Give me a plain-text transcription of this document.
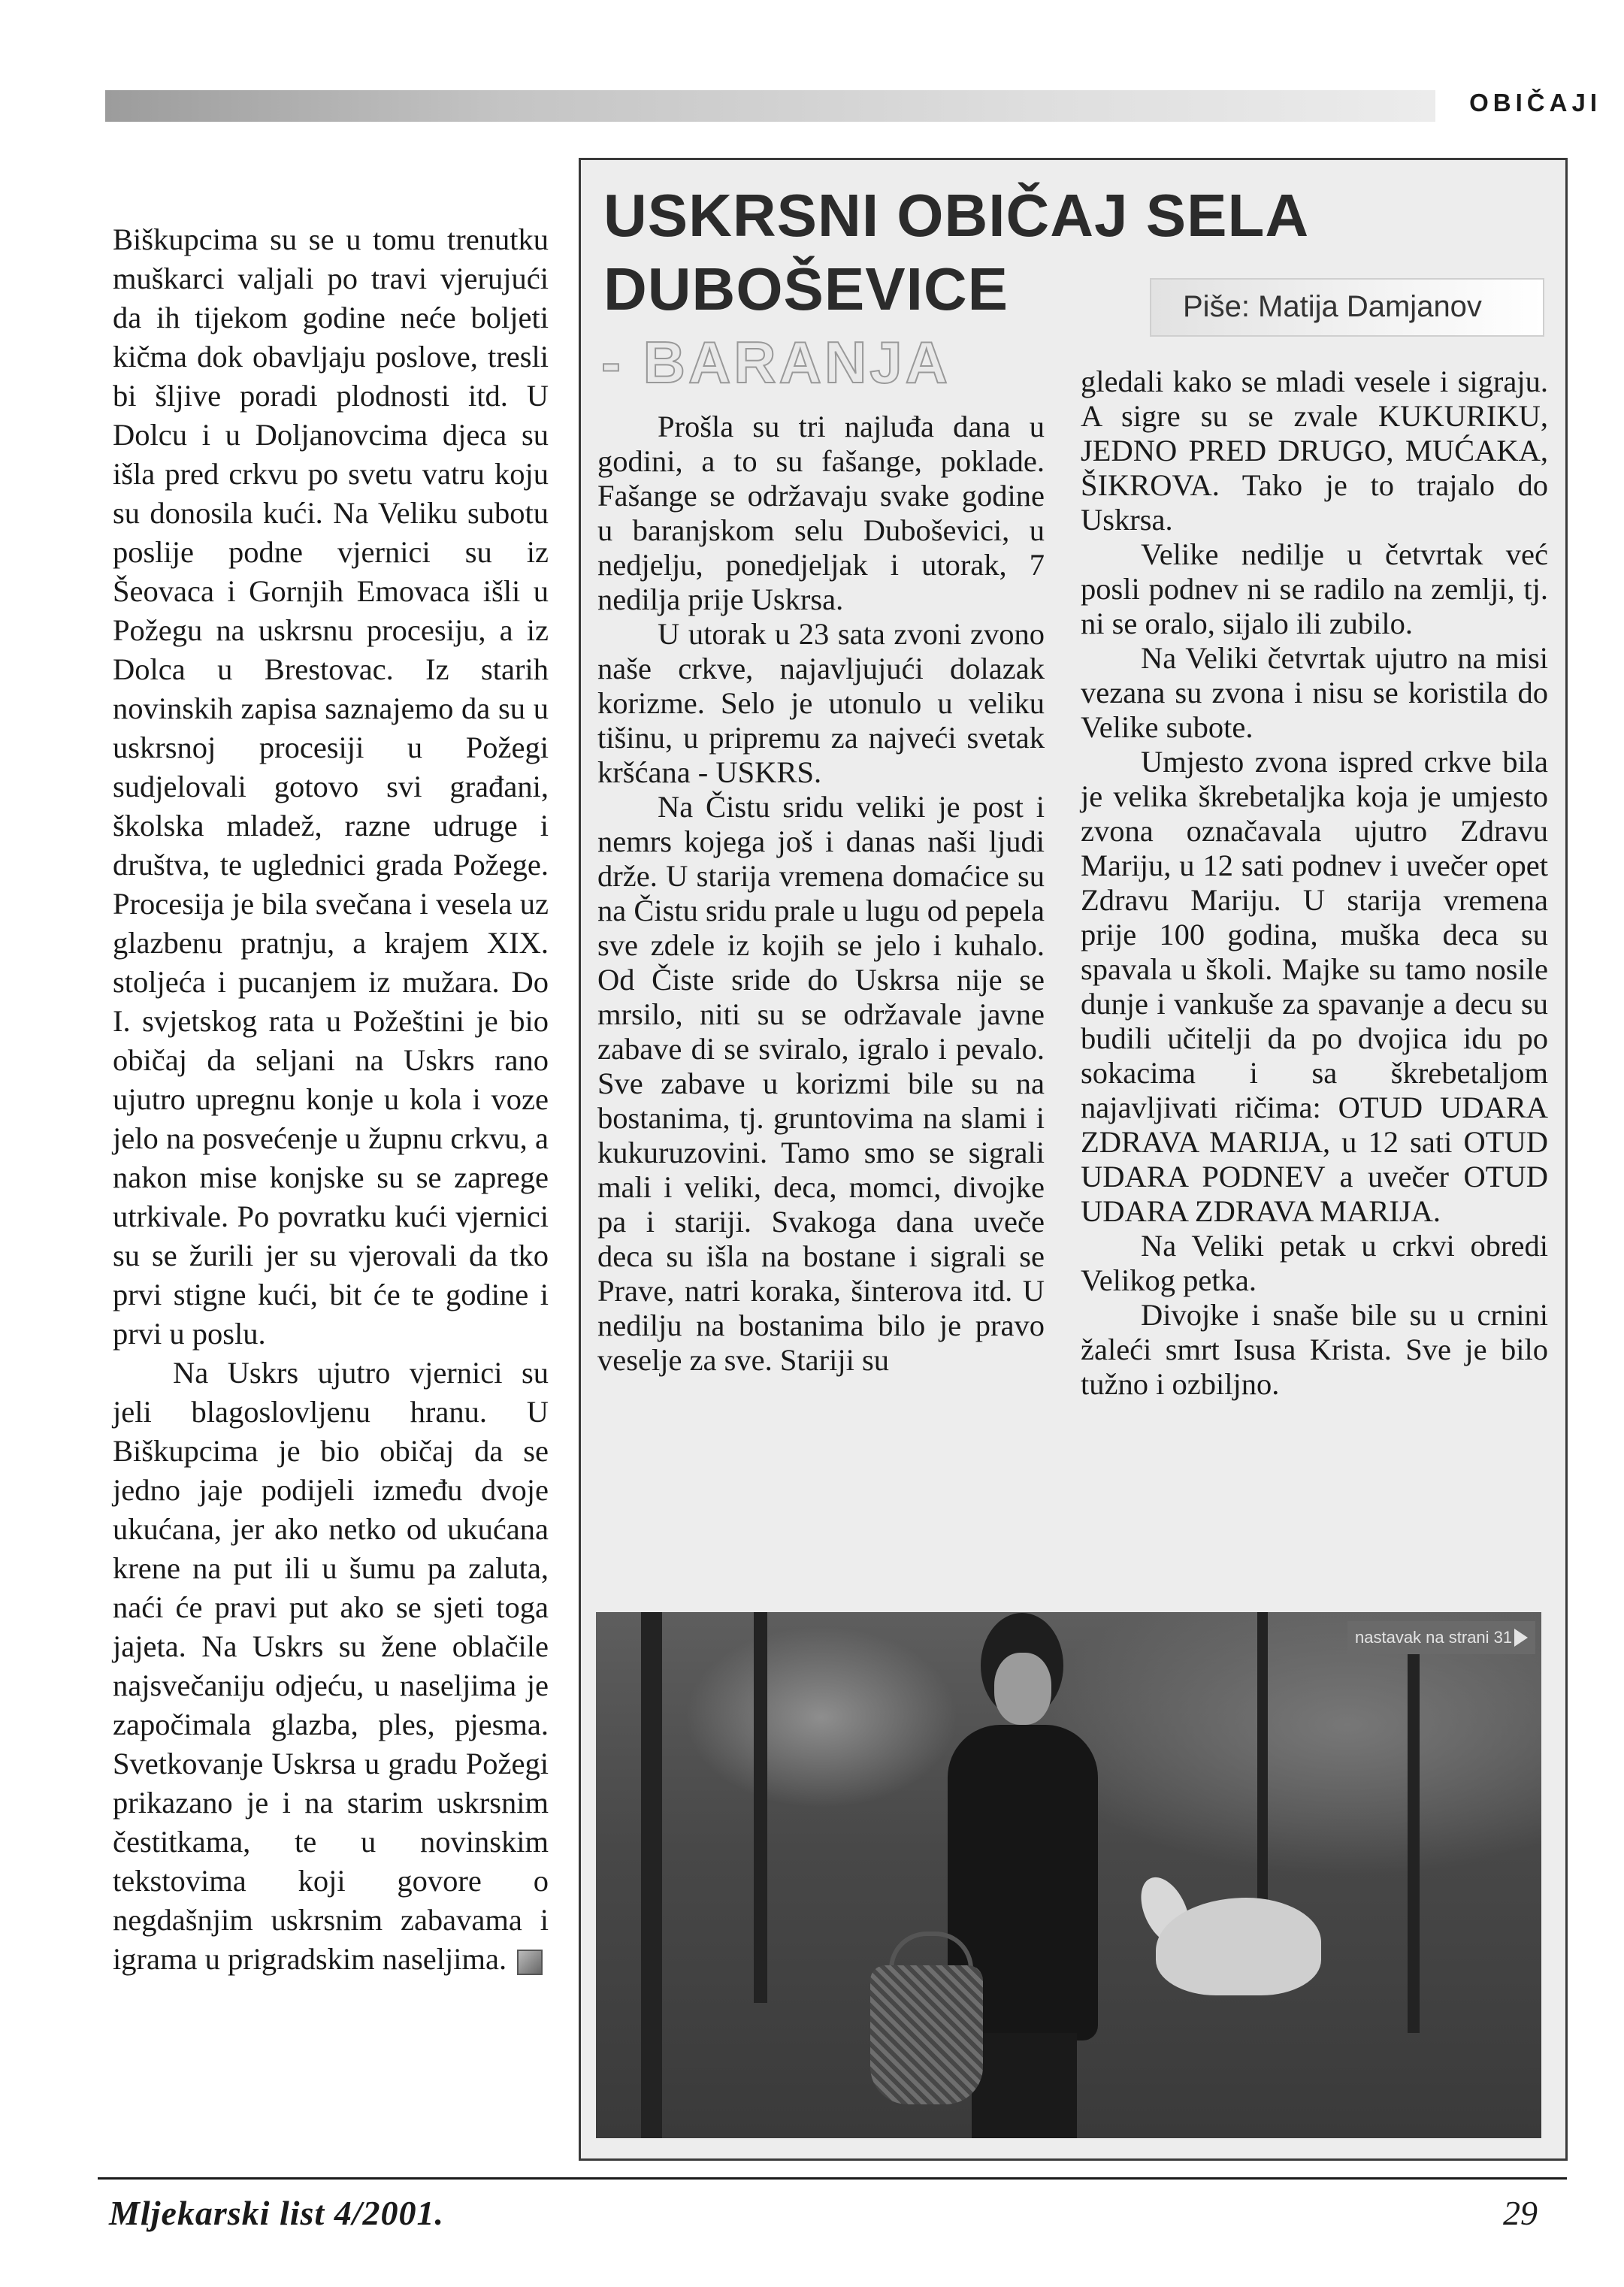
OBIČAJI

Biškupcima su se u tomu trenutku muškarci valjali po travi vjerujući da ih tijekom godine neće boljeti kičma dok obavljaju poslove, tresli bi šljive poradi plodnosti itd. U Dolcu i u Doljanovcima djeca su išla pred crkvu po svetu vatru koju su donosila kući. Na Veliku subotu poslije podne vjernici su iz Šeovaca i Gornjih Emovaca išli u Požegu na uskrsnu procesiju, a iz Dolca u Brestovac. Iz starih novinskih zapisa saznajemo da su u uskrsnoj procesiji u Požegi sudjelovali gotovo svi građani, školska mladež, razne udruge i društva, te uglednici grada Požege. Procesija je bila svečana i vesela uz glazbenu pratnju, a krajem XIX. stoljeća i pucanjem iz mužara. Do I. svjetskog rata u Požeštini je bio običaj da seljani na Uskrs rano ujutro upregnu konje u kola i voze jelo na posvećenje u župnu crkvu, a nakon mise konjske su se zaprege utrkivale. Po povratku kući vjernici su se žurili jer su vjerovali da tko prvi stigne kući, bit će te godine i prvi u poslu.

Na Uskrs ujutro vjernici su jeli blagoslovljenu hranu. U Biškupcima je bio običaj da se jedno jaje podijeli između dvoje ukućana, jer ako netko od ukućana krene na put ili u šumu pa zaluta, naći će pravi put ako se sjeti toga jajeta. Na Uskrs su žene oblačile najsvečaniju odjeću, u naseljima je započimala glazba, ples, pjesma. Svetkovanje Uskrsa u gradu Požegi prikazano je i na starim uskrsnim čestitkama, te u novinskim tekstovima koji govore o negdašnjim uskrsnim zabavama i igrama u prigradskim naseljima.

USKRSNI OBIČAJ SELA
DUBOŠEVICE
- BARANJA
Piše: Matija Damjanov

Prošla su tri najluđa dana u godini, a to su fašange, poklade. Fašange se održavaju svake godine u baranjskom selu Duboševici, u nedjelju, ponedjeljak i utorak, 7 nedilja prije Uskrsa.

U utorak u 23 sata zvoni zvono naše crkve, najavljujući dolazak korizme. Selo je utonulo u veliku tišinu, u pripremu za najveći svetak kršćana - USKRS.

Na Čistu sridu veliki je post i nemrs kojega još i danas naši ljudi drže. U starija vremena domaćice su na Čistu sridu prale u lugu od pepela sve zdele iz kojih se jelo i kuhalo. Od Čiste sride do Uskrsa nije se mrsilo, niti su se održavale javne zabave di se sviralo, igralo i pevalo. Sve zabave u korizmi bile su na bostanima, tj. gruntovima na slami i kukuruzovini. Tamo smo se sigrali mali i veliki, deca, momci, divojke pa i stariji. Svakoga dana uveče deca su išla na bostane i sigrali se Prave, natri koraka, šinterova itd. U nedilju na bostanima bilo je pravo veselje za sve. Stariji su

gledali kako se mladi vesele i sigraju. A sigre su se zvale KUKURIKU, JEDNO PRED DRUGO, MUĆAKA, ŠIKROVA. Tako je to trajalo do Uskrsa.

Velike nedilje u četvrtak već posli podnev ni se radilo na zemlji, tj. ni se oralo, sijalo ili zubilo.

Na Veliki četvrtak ujutro na misi vezana su zvona i nisu se koristila do Velike subote.

Umjesto zvona ispred crkve bila je velika škrebetaljka koja je umjesto zvona označavala ujutro Zdravu Mariju, u 12 sati podnev i uvečer opet Zdravu Mariju. U starija vremena prije 100 godina, muška deca su spavala u školi. Majke su tamo nosile dunje i vankuše za spavanje a decu su budili učitelji da po dvojica idu po sokacima i sa škrebetaljom najavljivati ričima: OTUD UDARA ZDRAVA MARIJA, u 12 sati OTUD UDARA PODNEV a uvečer OTUD UDARA ZDRAVA MARIJA.

Na Veliki petak u crkvi obredi Velikog petka.

Divojke i snaše bile su u crnini žaleći smrt Isusa Krista. Sve je bilo tužno i ozbiljno.

nastavak na strani 31
Mljekarski list 4/2001.	29
